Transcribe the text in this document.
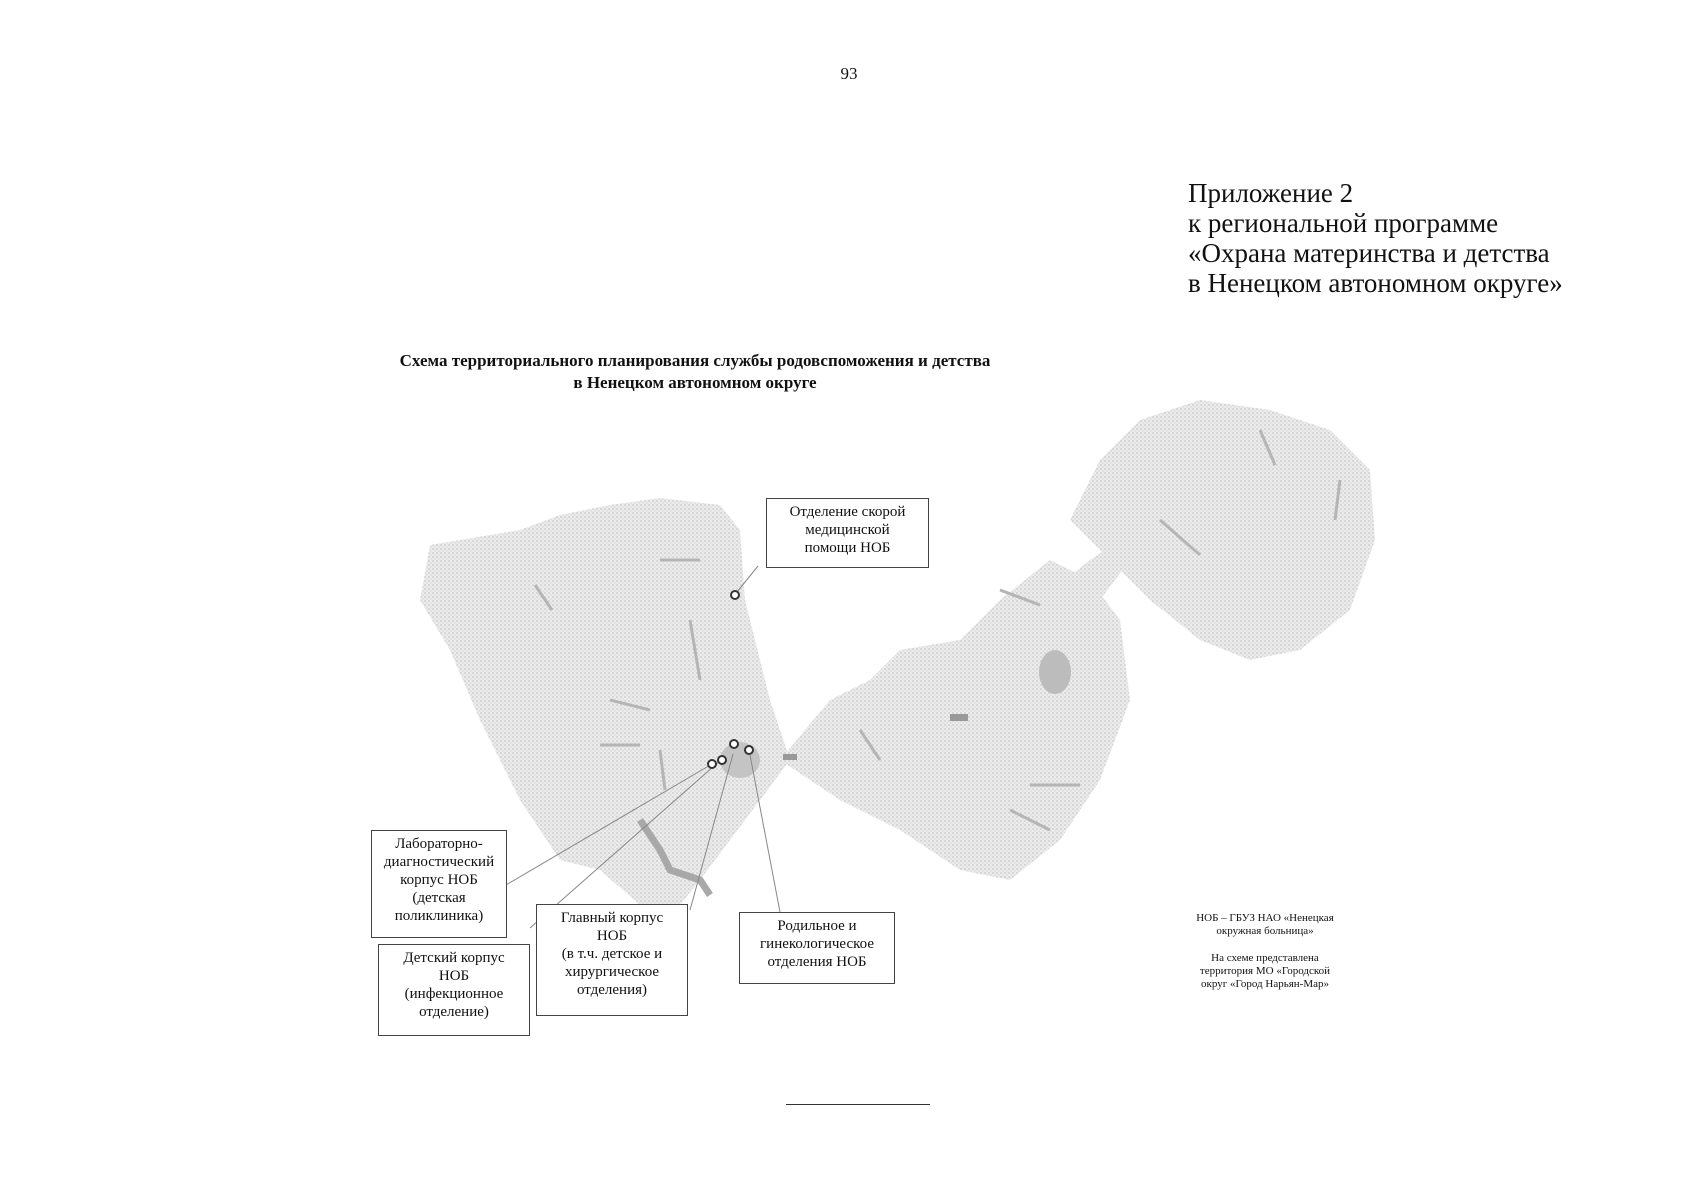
93
Приложение 2
к региональной программе
«Охрана материнства и детства
в Ненецком автономном округе»
Схема территориального планирования службы родовспоможения и детства
в Ненецком автономном округе
Отделение скорой
медицинской
помощи НОБ
Лабораторно-
диагностический
корпус НОБ
(детская
поликлиника)
Детский корпус
НОБ
(инфекционное
отделение)
Главный корпус
НОБ
(в т.ч. детское и
хирургическое
отделения)
Родильное и
гинекологическое
отделения НОБ
НОБ – ГБУЗ НАО «Ненецкая
окружная больница»
На схеме представлена
территория МО «Городской
округ «Город Нарьян-Мар»
